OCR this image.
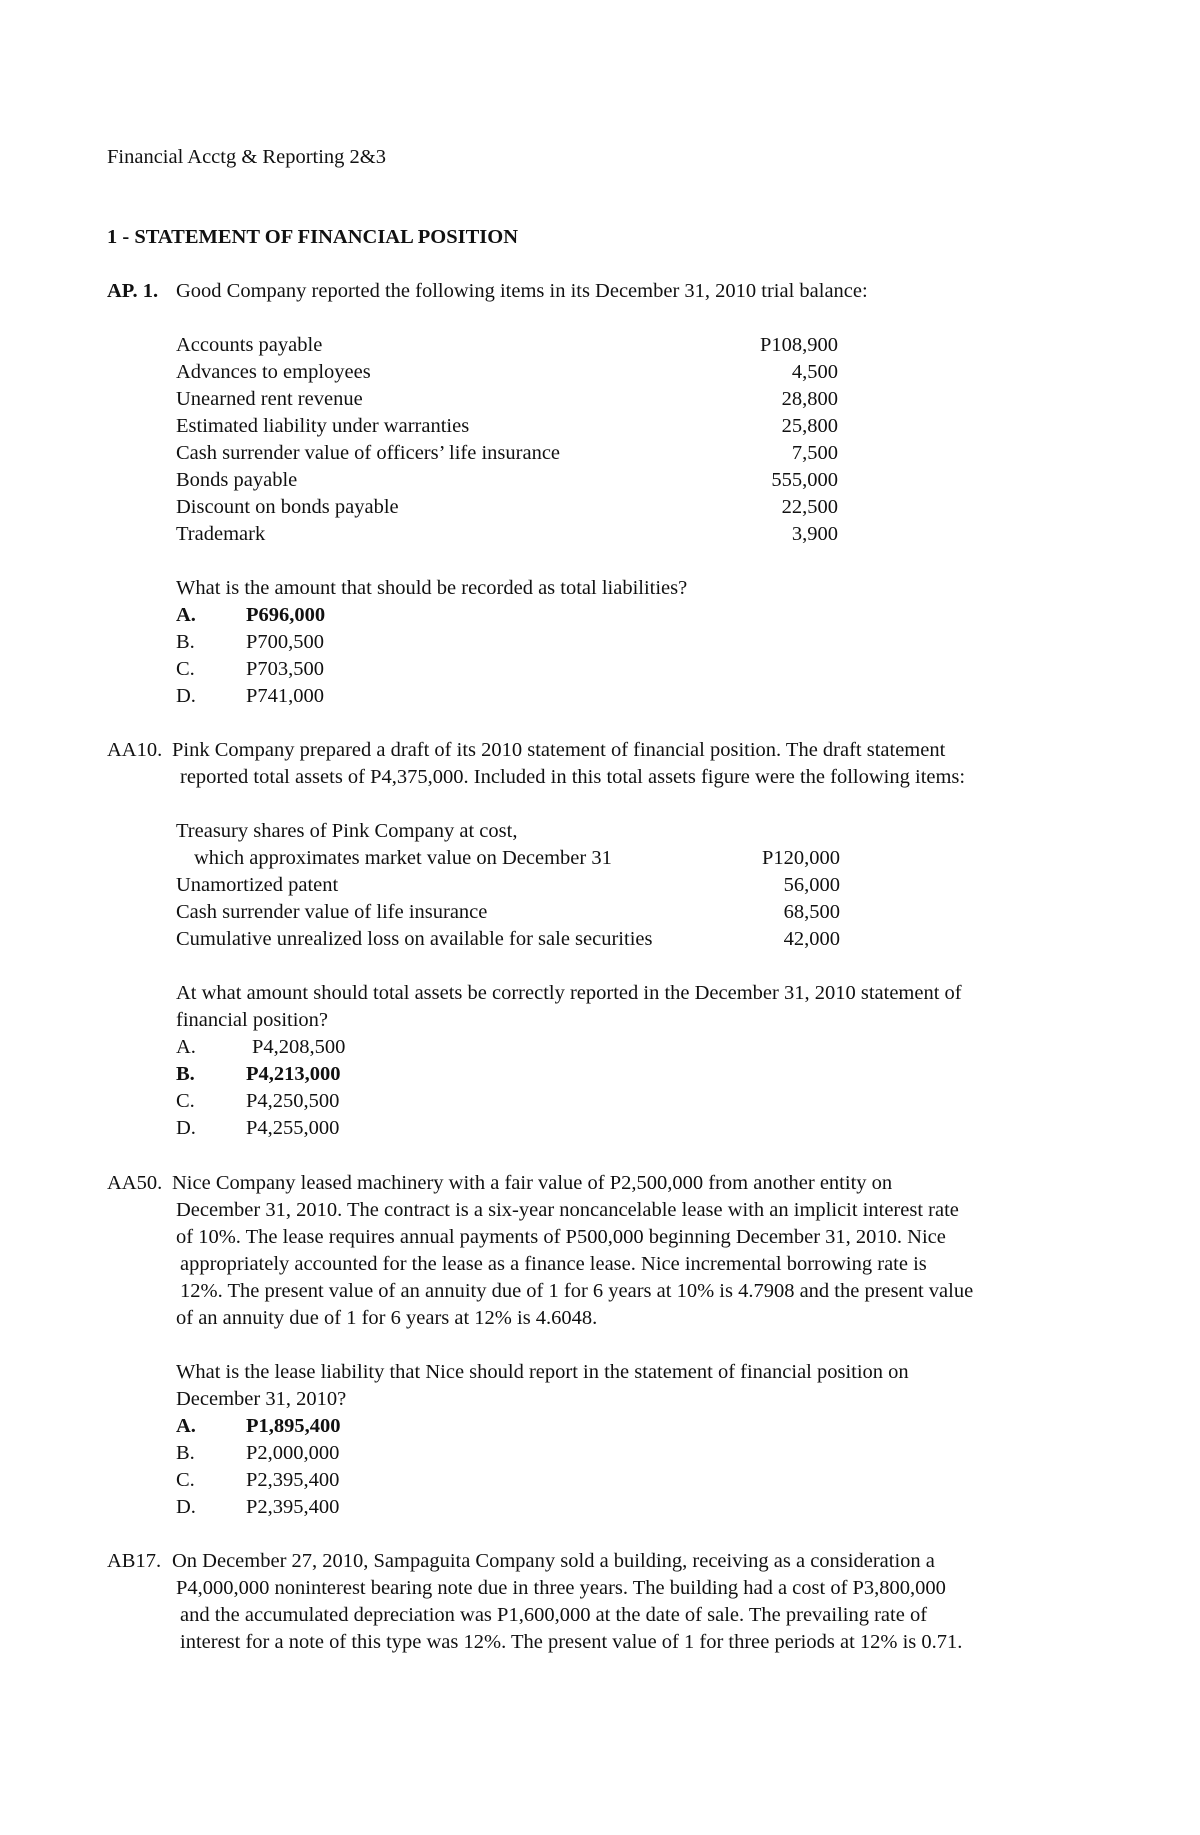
Financial Acctg & Reporting 2&3
1 - STATEMENT OF FINANCIAL POSITION
AP. 1. Good Company reported the following items in its December 31, 2010 trial balance:
Accounts payable	P108,900
Advances to employees	4,500
Unearned rent revenue	28,800
Estimated liability under warranties	25,800
Cash surrender value of officers’ life insurance	7,500
Bonds payable	555,000
Discount on bonds payable	22,500
Trademark	3,900
What is the amount that should be recorded as total liabilities?
A. P696,000
B. P700,500
C. P703,500
D. P741,000
AA10. Pink Company prepared a draft of its 2010 statement of financial position. The draft statement
reported total assets of P4,375,000. Included in this total assets figure were the following items:
Treasury shares of Pink Company at cost,
which approximates market value on December 31	P120,000
Unamortized patent	56,000
Cash surrender value of life insurance	68,500
Cumulative unrealized loss on available for sale securities	42,000
At what amount should total assets be correctly reported in the December 31, 2010 statement of
financial position?
A.	P4,208,500
B. P4,213,000
C. P4,250,500
D. P4,255,000
AA50. Nice Company leased machinery with a fair value of P2,500,000 from another entity on
December 31, 2010. The contract is a six-year noncancelable lease with an implicit interest rate
of 10%. The lease requires annual payments of P500,000 beginning December 31, 2010. Nice
appropriately accounted for the lease as a finance lease. Nice incremental borrowing rate is
12%. The present value of an annuity due of 1 for 6 years at 10% is 4.7908 and the present value
of an annuity due of 1 for 6 years at 12% is 4.6048.
What is the lease liability that Nice should report in the statement of financial position on
December 31, 2010?
A. P1,895,400
B. P2,000,000
C. P2,395,400
D. P2,395,400
AB17. On December 27, 2010, Sampaguita Company sold a building, receiving as a consideration a
P4,000,000 noninterest bearing note due in three years. The building had a cost of P3,800,000
and the accumulated depreciation was P1,600,000 at the date of sale. The prevailing rate of
interest for a note of this type was 12%. The present value of 1 for three periods at 12% is 0.71.
